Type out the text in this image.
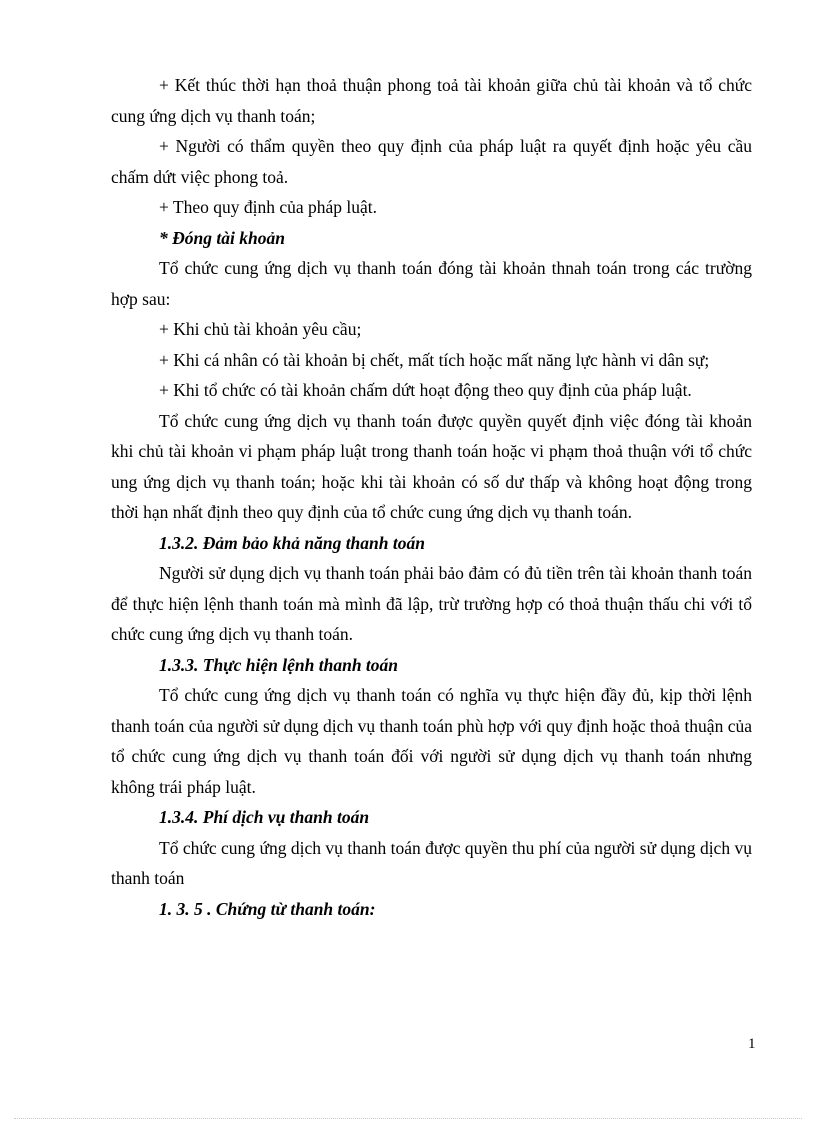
+ Kết thúc thời hạn thoả thuận phong toả tài khoản giữa chủ tài khoản và tổ chức cung ứng dịch vụ thanh toán;

+ Người có thẩm quyền theo quy định của pháp luật ra quyết định hoặc yêu cầu chấm dứt việc phong toả.

+ Theo quy định của pháp luật.

* Đóng tài khoản

Tổ chức cung ứng dịch vụ thanh toán đóng tài khoản thnah toán trong các trường hợp sau:

+ Khi chủ tài khoản yêu cầu;

+ Khi cá nhân có tài khoản bị chết, mất tích hoặc mất năng lực hành vi dân sự;

+ Khi tổ chức có tài khoản chấm dứt hoạt động theo quy định của pháp luật.

Tổ chức cung ứng dịch vụ thanh toán được quyền quyết định việc đóng tài khoản khi chủ tài khoản vi phạm pháp luật trong thanh toán hoặc vi phạm thoả thuận với tổ chức ung ứng dịch vụ thanh toán; hoặc khi tài khoản có số dư thấp và không hoạt động trong thời hạn nhất định theo quy định của tổ chức cung ứng dịch vụ thanh toán.

1.3.2. Đảm bảo khả năng thanh toán

Người sử dụng dịch vụ thanh toán phải bảo đảm có đủ tiền trên tài khoản thanh toán để thực hiện lệnh thanh toán mà mình đã lập, trừ trường hợp có thoả thuận thấu chi với tổ chức cung ứng dịch vụ thanh toán.

1.3.3. Thực hiện lệnh thanh toán

Tổ chức cung ứng dịch vụ thanh toán có nghĩa vụ thực hiện đầy đủ, kịp thời lệnh thanh toán của người sử dụng dịch vụ thanh toán phù hợp với quy định hoặc thoả thuận của tổ chức cung ứng dịch vụ thanh toán đối với người sử dụng dịch vụ thanh toán nhưng không trái pháp luật.

1.3.4. Phí dịch vụ thanh toán

Tổ chức cung ứng dịch vụ thanh toán được quyền thu phí của người sử dụng dịch vụ thanh toán

1. 3. 5 . Chứng từ thanh toán:

1
